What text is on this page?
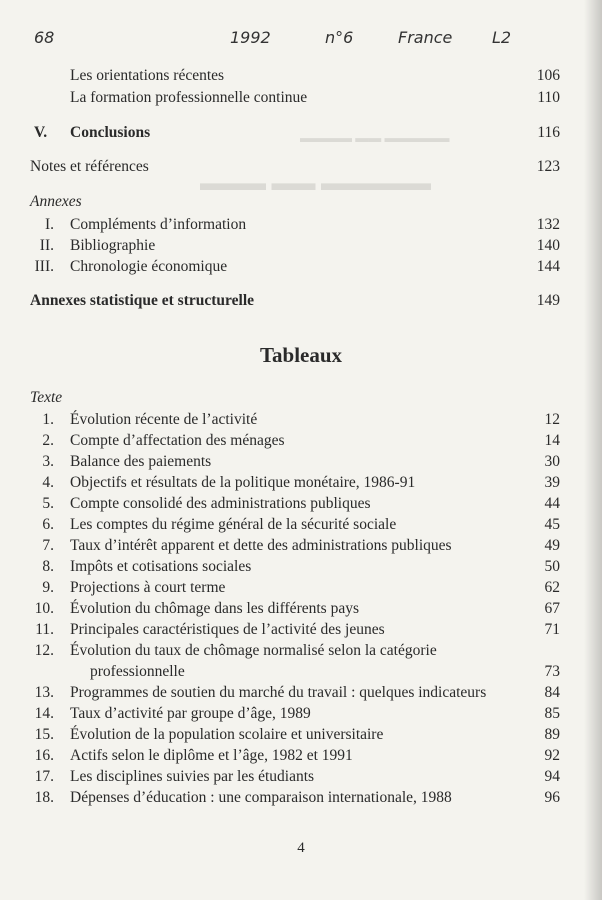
▬▬▬ ▬▬ ▬▬▬▬▬
▬▬▬▬ ▬▬ ▬▬▬▬▬
68	1992	n°6	France L2
Les orientations récentes	106
La formation professionnelle continue	110
V. Conclusions	116
Notes et références	123
Annexes
I. Compléments d’information	132
II. Bibliographie	140
III. Chronologie économique	144
Annexes statistique et structurelle	149
Tableaux
Texte
1. Évolution récente de l’activité	12
2. Compte d’affectation des ménages	14
3. Balance des paiements	30
4. Objectifs et résultats de la politique monétaire, 1986-91	39
5. Compte consolidé des administrations publiques	44
6. Les comptes du régime général de la sécurité sociale	45
7. Taux d’intérêt apparent et dette des administrations publiques	49
8. Impôts et cotisations sociales	50
9. Projections à court terme	62
10. Évolution du chômage dans les différents pays	67
11. Principales caractéristiques de l’activité des jeunes	71
12. Évolution du taux de chômage normalisé selon la catégorie
professionnelle	73
13. Programmes de soutien du marché du travail : quelques indicateurs	84
14. Taux d’activité par groupe d’âge, 1989	85
15. Évolution de la population scolaire et universitaire	89
16. Actifs selon le diplôme et l’âge, 1982 et 1991	92
17. Les disciplines suivies par les étudiants	94
18. Dépenses d’éducation : une comparaison internationale, 1988	96
4
